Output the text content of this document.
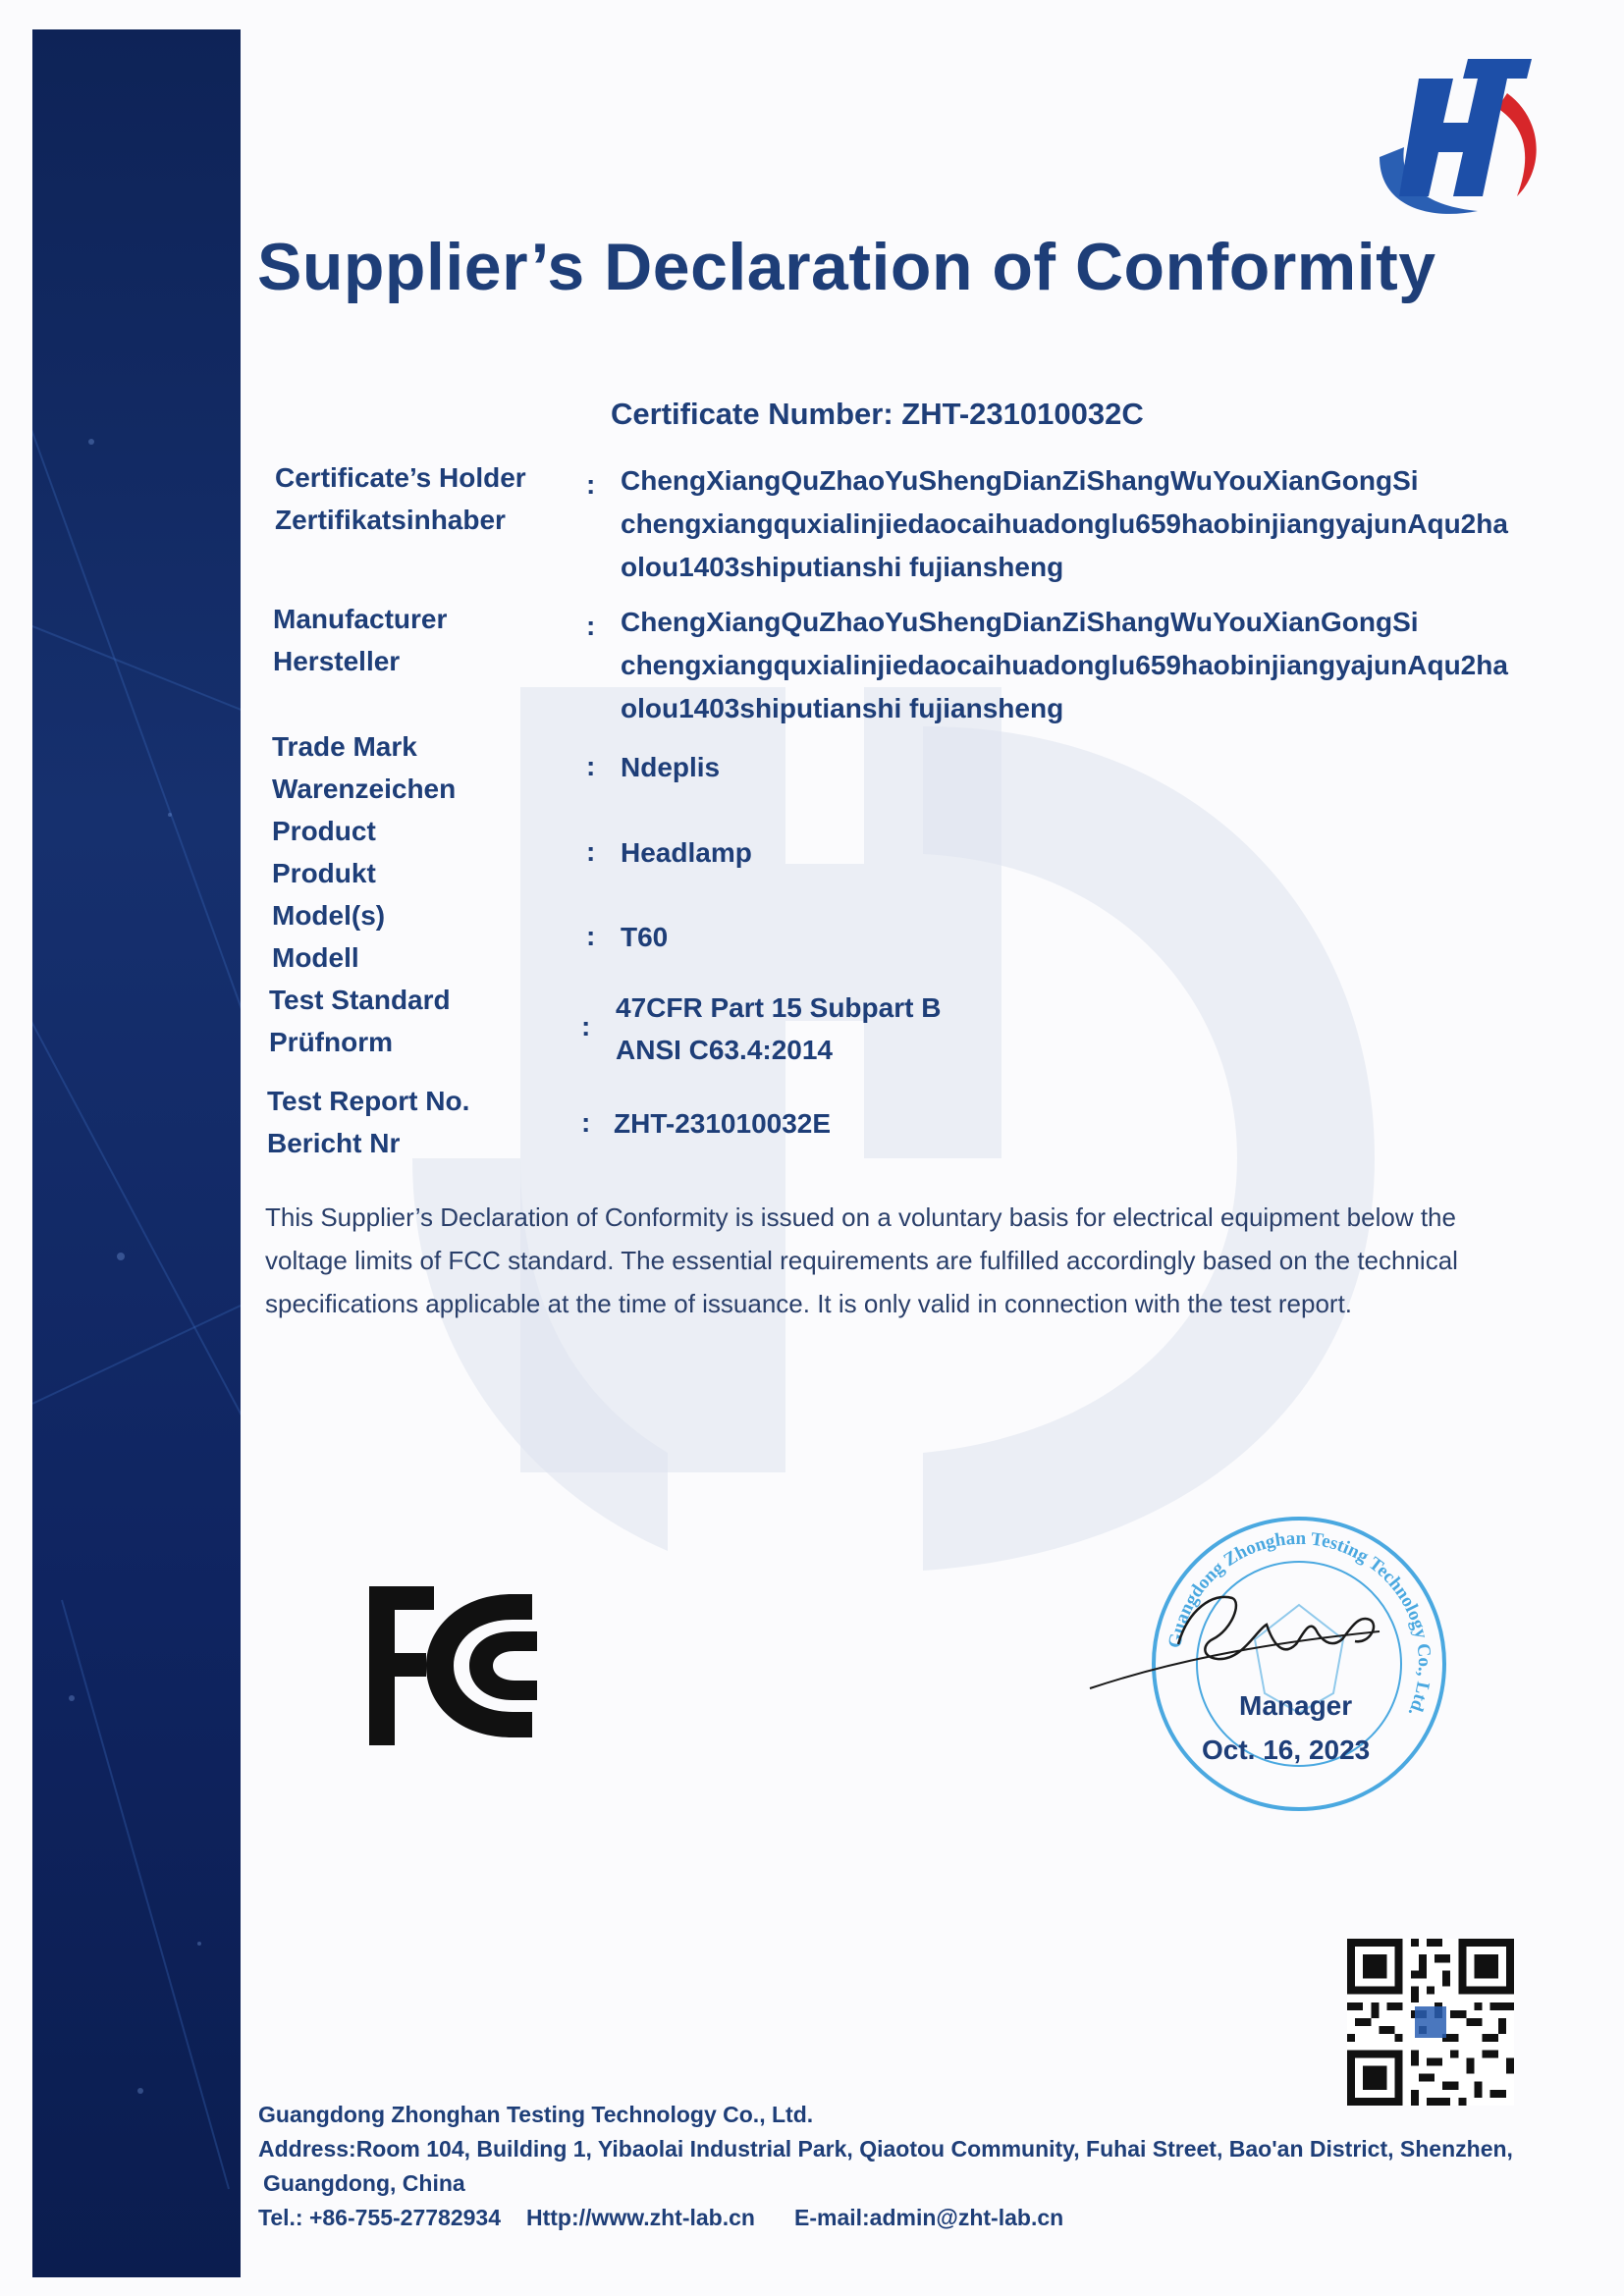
Supplier’s Declaration of Conformity
Certificate Number: ZHT-231010032C
Certificate’s Holder
Zertifikatsinhaber
: ChengXiangQuZhaoYuShengDianZiShangWuYouXianGongSi
chengxiangquxialinjiedaocaihuadonglu659haobinjiangyajunAqu2ha
olou1403shiputianshi fujiansheng
Manufacturer
Hersteller
: ChengXiangQuZhaoYuShengDianZiShangWuYouXianGongSi
chengxiangquxialinjiedaocaihuadonglu659haobinjiangyajunAqu2ha
olou1403shiputianshi fujiansheng
Trade Mark
Warenzeichen
: Ndeplis
Product
Produkt
: Headlamp
Model(s)
Modell
: T60
Test Standard
Prüfnorm
:
47CFR Part 15 Subpart B
ANSI C63.4:2014
Test Report No.
Bericht Nr
: ZHT-231010032E
This Supplier’s Declaration of Conformity is issued on a voluntary basis for electrical equipment below the voltage limits of FCC standard. The essential requirements are fulfilled accordingly based on the technical specifications applicable at the time of issuance. It is only valid in connection with the test report.
Guangdong Zhonghan Testing Technology Co., Ltd.
Manager
Oct. 16, 2023
Guangdong Zhonghan Testing Technology Co., Ltd.
Address:Room 104, Building 1, Yibaolai Industrial Park, Qiaotou Community, Fuhai Street, Bao'an District, Shenzhen,
Guangdong, China
Tel.: +86-755-27782934 Http://www.zht-lab.cn E-mail:admin@zht-lab.cn
